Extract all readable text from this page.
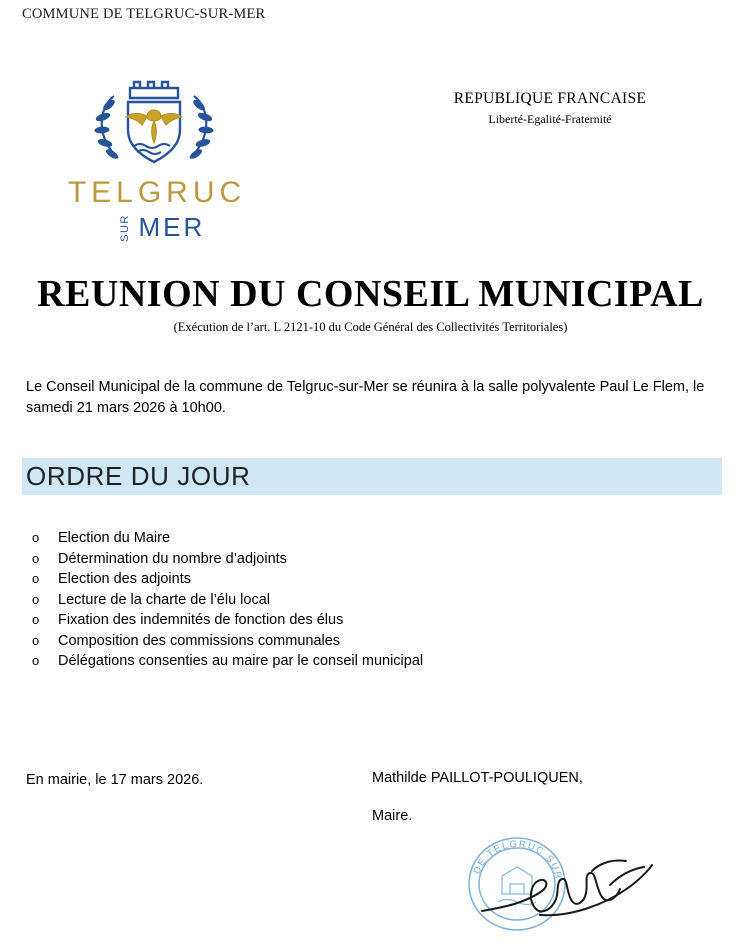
COMMUNE DE TELGRUC-SUR-MER
TELGRUC
SUR MER
REPUBLIQUE FRANCAISE
Liberté-Egalité-Fraternité
REUNION DU CONSEIL MUNICIPAL
(Exécution de l’art. L 2121-10 du Code Général des Collectivités Territoriales)
Le Conseil Municipal de la commune de Telgruc-sur-Mer se réunira à la salle polyvalente Paul Le Flem, le samedi 21 mars 2026 à 10h00.
ORDRE DU JOUR
o Election du Maire
o Détermination du nombre d’adjoints
o Election des adjoints
o Lecture de la charte de l’élu local
o Fixation des indemnités de fonction des élus
o Composition des commissions communales
o Délégations consenties au maire par le conseil municipal
En mairie, le 17 mars 2026.	Mathilde PAILLOT-POULIQUEN,
Maire.
DE TELGRUC SUR
